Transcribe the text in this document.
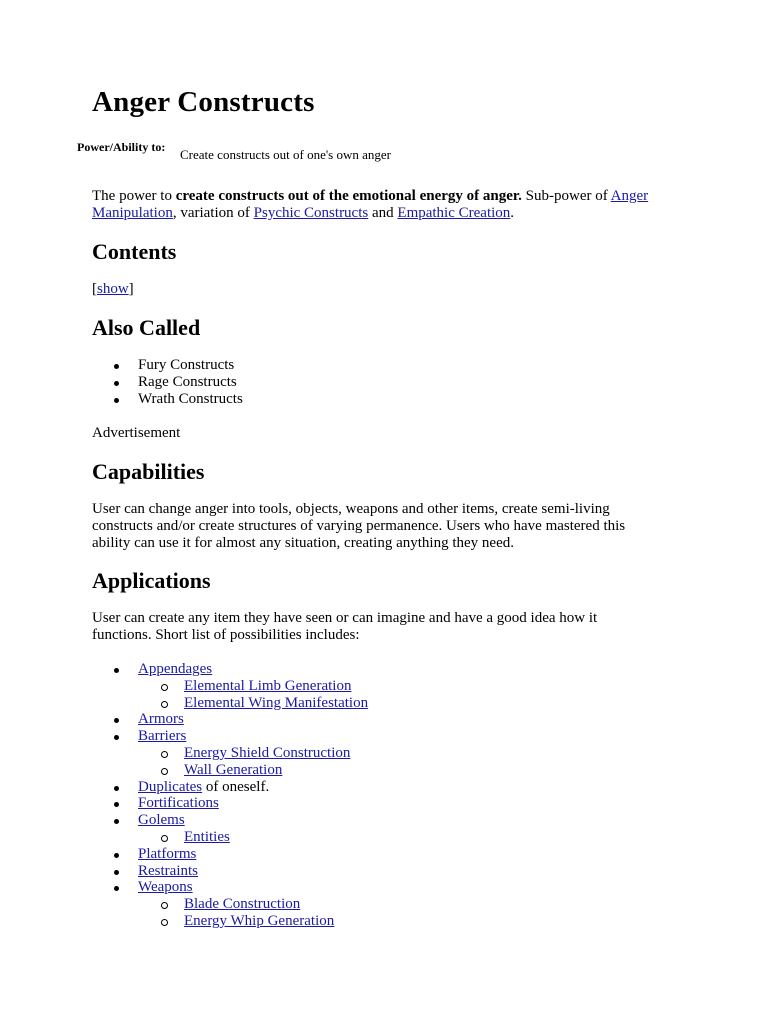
Anger Constructs
Power/Ability to:	Create constructs out of one's own anger

The power to create constructs out of the emotional energy of anger. Sub-power of Anger Manipulation, variation of Psychic Constructs and Empathic Creation.

Contents

[show]

Also Called
Fury Constructs
Rage Constructs
Wrath Constructs

Advertisement

Capabilities

User can change anger into tools, objects, weapons and other items, create semi-living constructs and/or create structures of varying permanence. Users who have mastered this ability can use it for almost any situation, creating anything they need.

Applications

User can create any item they have seen or can imagine and have a good idea how it functions. Short list of possibilities includes:

Appendages
Elemental Limb Generation
Elemental Wing Manifestation
Armors
Barriers
Energy Shield Construction
Wall Generation
Duplicates of oneself.
Fortifications
Golems
Entities
Platforms
Restraints
Weapons
Blade Construction
Energy Whip Generation
